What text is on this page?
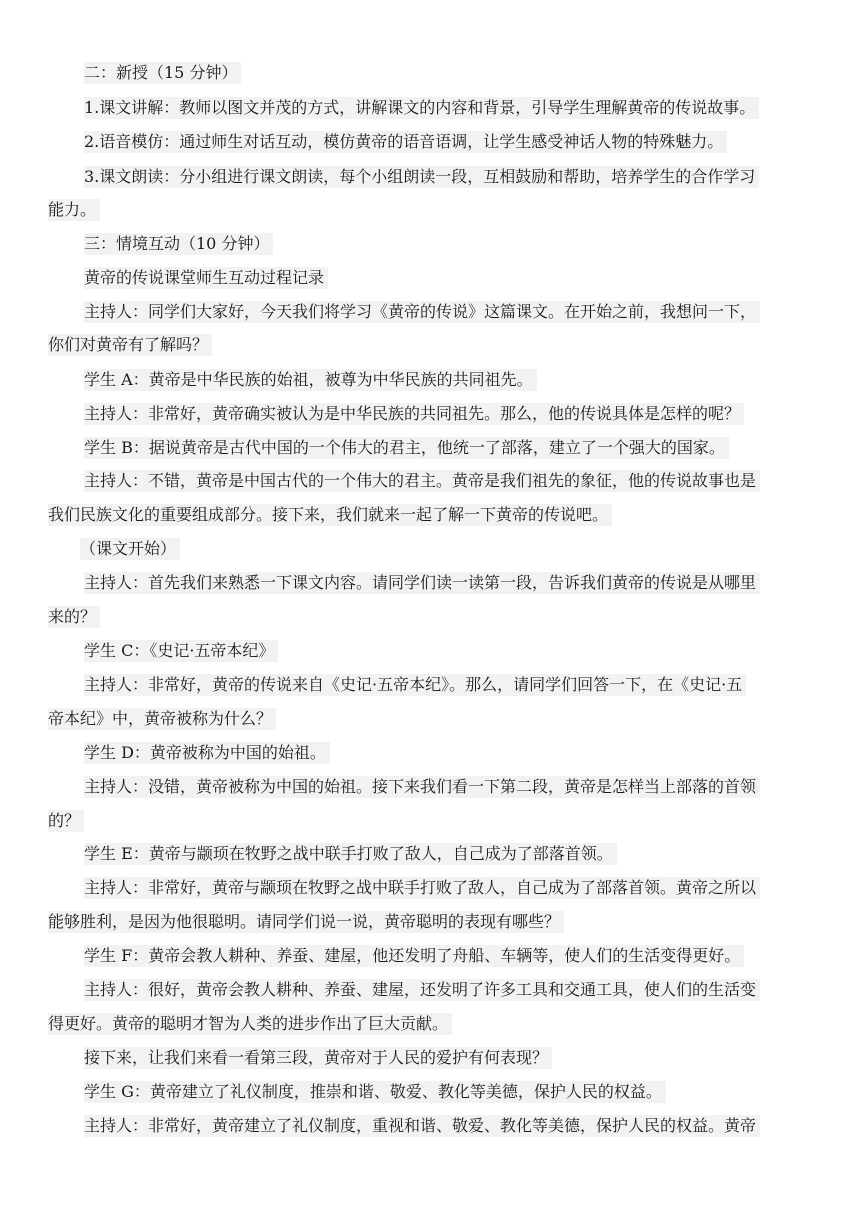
二：新授（15 分钟）
1.课文讲解：教师以图文并茂的方式，讲解课文的内容和背景，引导学生理解黄帝的传说故事。
2.语音模仿：通过师生对话互动，模仿黄帝的语音语调，让学生感受神话人物的特殊魅力。
3.课文朗读：分小组进行课文朗读，每个小组朗读一段，互相鼓励和帮助，培养学生的合作学习
能力。
三：情境互动（10 分钟）
黄帝的传说课堂师生互动过程记录
主持人：同学们大家好，今天我们将学习《黄帝的传说》这篇课文。在开始之前，我想问一下，
你们对黄帝有了解吗？
学生 A：黄帝是中华民族的始祖，被尊为中华民族的共同祖先。
主持人：非常好，黄帝确实被认为是中华民族的共同祖先。那么，他的传说具体是怎样的呢？
学生 B：据说黄帝是古代中国的一个伟大的君主，他统一了部落，建立了一个强大的国家。
主持人：不错，黄帝是中国古代的一个伟大的君主。黄帝是我们祖先的象征，他的传说故事也是
我们民族文化的重要组成部分。接下来，我们就来一起了解一下黄帝的传说吧。
（课文开始）
主持人：首先我们来熟悉一下课文内容。请同学们读一读第一段，告诉我们黄帝的传说是从哪里
来的？
学生 C：《史记·五帝本纪》
主持人：非常好，黄帝的传说来自《史记·五帝本纪》。那么，请同学们回答一下，在《史记·五
帝本纪》中，黄帝被称为什么？
学生 D：黄帝被称为中国的始祖。
主持人：没错，黄帝被称为中国的始祖。接下来我们看一下第二段，黄帝是怎样当上部落的首领
的？
学生 E：黄帝与颛顼在牧野之战中联手打败了敌人，自己成为了部落首领。
主持人：非常好，黄帝与颛顼在牧野之战中联手打败了敌人，自己成为了部落首领。黄帝之所以
能够胜利，是因为他很聪明。请同学们说一说，黄帝聪明的表现有哪些？
学生 F：黄帝会教人耕种、养蚕、建屋，他还发明了舟船、车辆等，使人们的生活变得更好。
主持人：很好，黄帝会教人耕种、养蚕、建屋，还发明了许多工具和交通工具，使人们的生活变
得更好。黄帝的聪明才智为人类的进步作出了巨大贡献。
接下来，让我们来看一看第三段，黄帝对于人民的爱护有何表现？
学生 G：黄帝建立了礼仪制度，推崇和谐、敬爱、教化等美德，保护人民的权益。
主持人：非常好，黄帝建立了礼仪制度，重视和谐、敬爱、教化等美德，保护人民的权益。黄帝
